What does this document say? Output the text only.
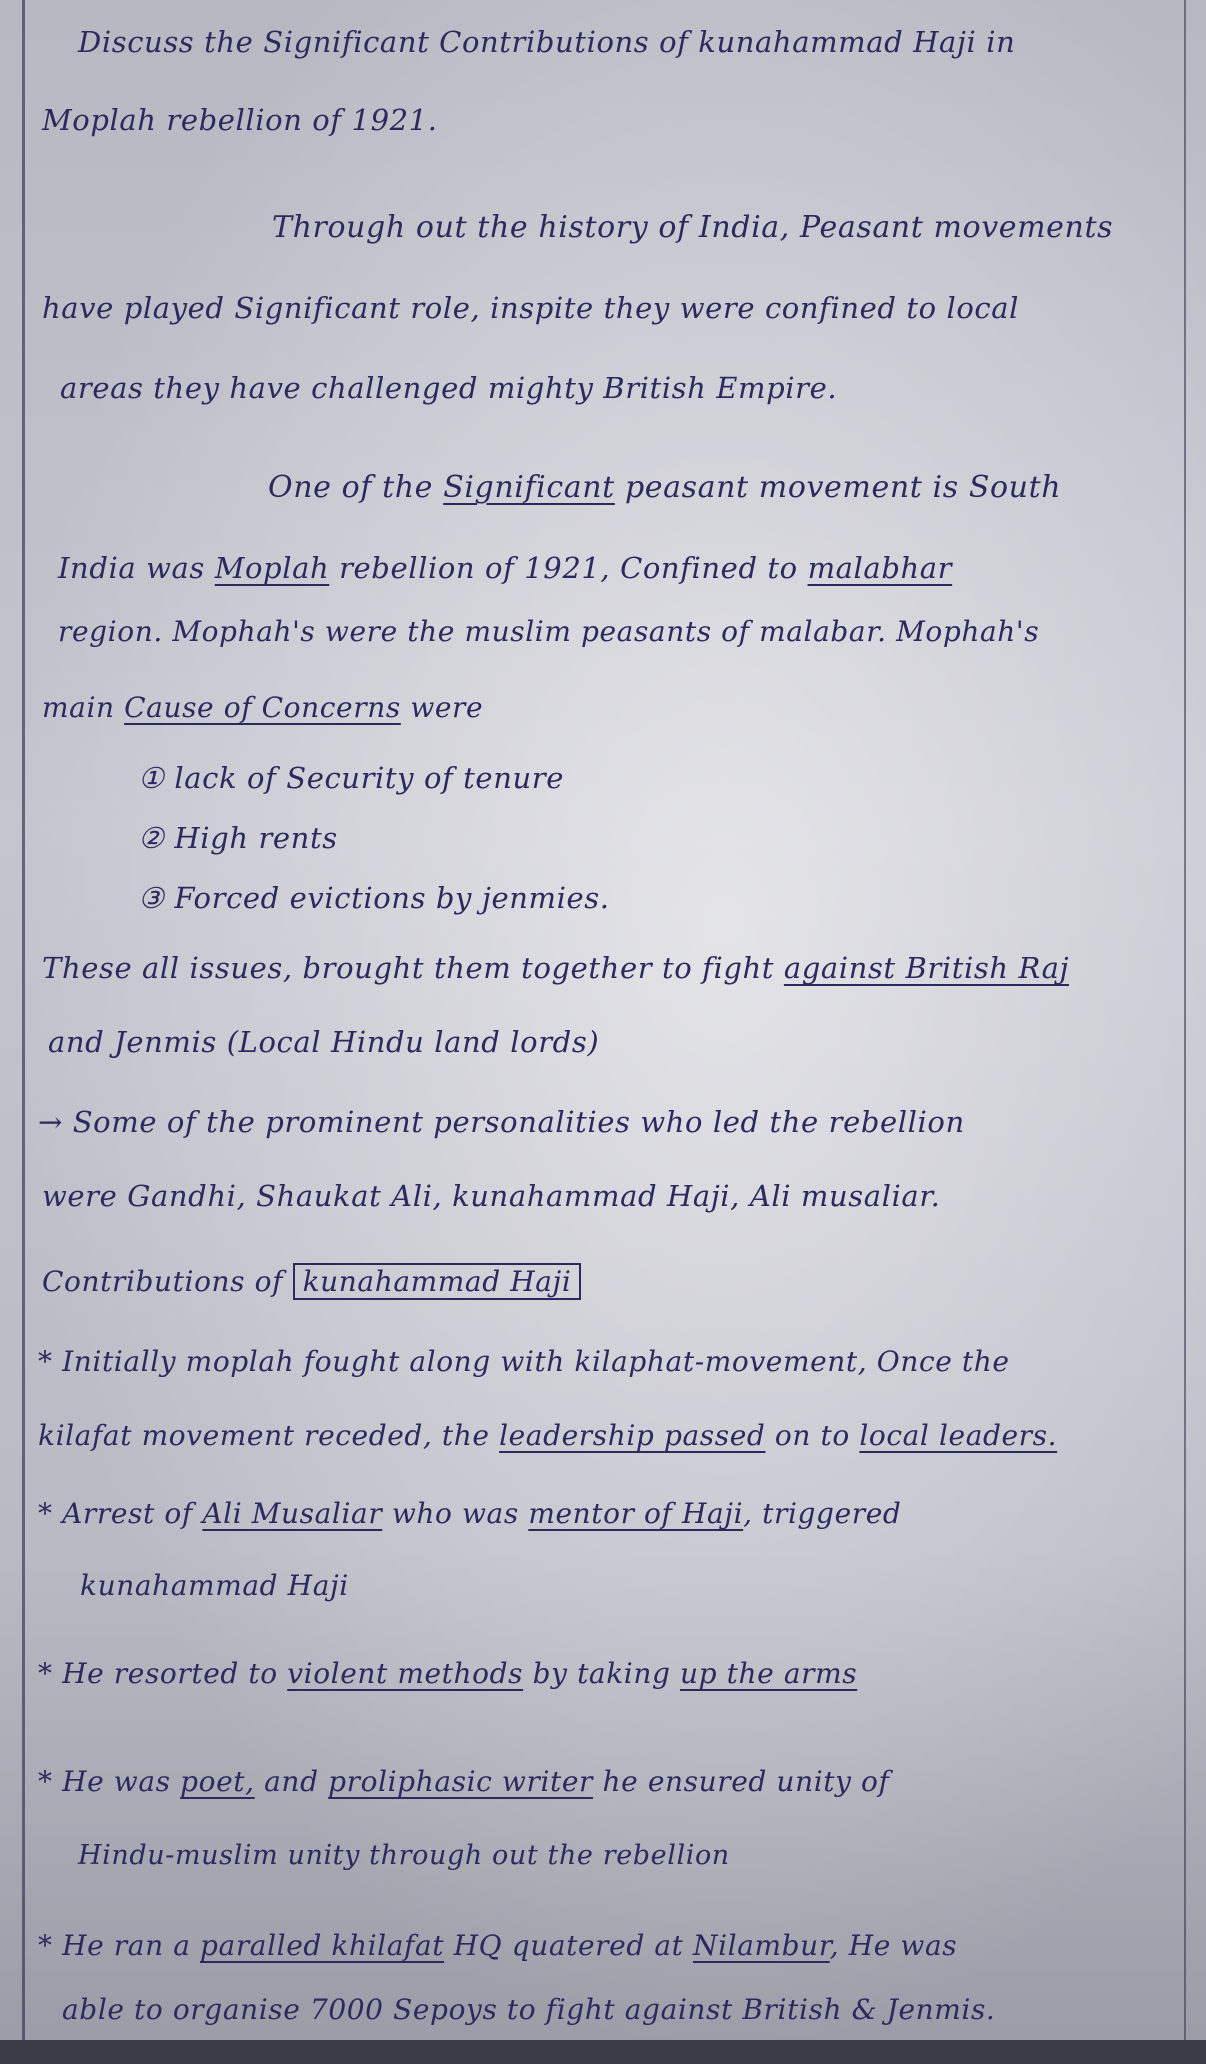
Discuss the Significant Contributions of kunahammad Haji in
Moplah rebellion of 1921.
Through out the history of India, Peasant movements
have played Significant role, inspite they were confined to local
areas they have challenged mighty British Empire.
One of the Significant peasant movement is South
India was Moplah rebellion of 1921, Confined to malabhar
region. Mophah's were the muslim peasants of malabar. Mophah's
main Cause of Concerns were
① lack of Security of tenure
② High rents
③ Forced evictions by jenmies.
These all issues, brought them together to fight against British Raj
and Jenmis (Local Hindu land lords)
→ Some of the prominent personalities who led the rebellion
were Gandhi, Shaukat Ali, kunahammad Haji, Ali musaliar.
Contributions of kunahammad Haji
* Initially moplah fought along with kilaphat-movement, Once the
kilafat movement receded, the leadership passed on to local leaders.
* Arrest of Ali Musaliar who was mentor of Haji, triggered
kunahammad Haji
* He resorted to violent methods by taking up the arms
* He was poet, and proliphasic writer he ensured unity of
Hindu-muslim unity through out the rebellion
* He ran a paralled khilafat HQ quatered at Nilambur, He was
able to organise 7000 Sepoys to fight against British & Jenmis.
